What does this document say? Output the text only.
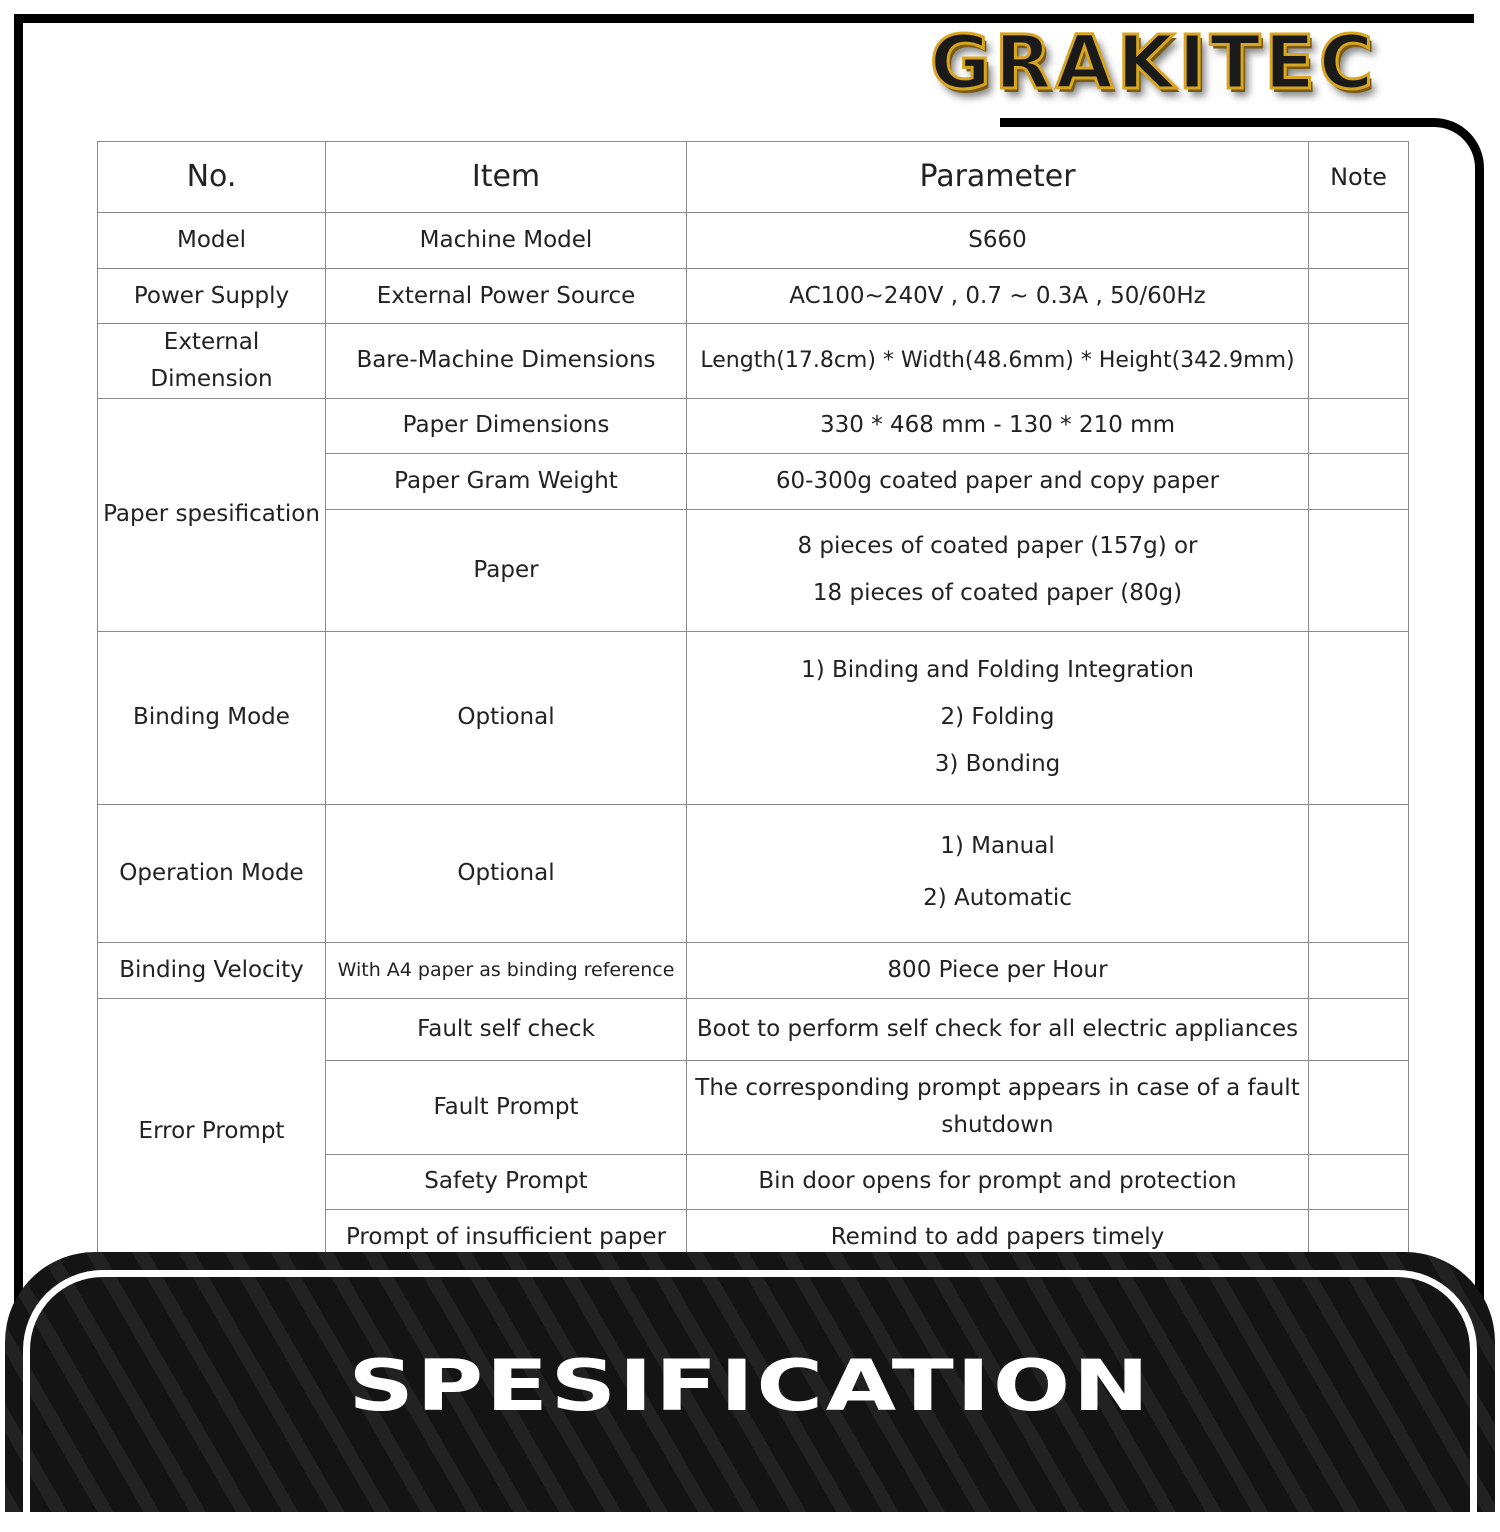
GRAKITEC
No.	Item	Parameter	Note
Model	Machine Model	S660	
Power Supply	External Power Source	AC100~240V , 0.7 ~ 0.3A , 50/60Hz	
External Dimension	Bare-Machine Dimensions	Length(17.8cm) * Width(48.6mm) * Height(342.9mm)	
Paper spesification	Paper Dimensions	330 * 468 mm - 130 * 210 mm	
	Paper Gram Weight	60-300g coated paper and copy paper	
	Paper	8 pieces of coated paper (157g) or
18 pieces of coated paper (80g)	

Binding Mode	Optional	1) Binding and Folding Integration
2) Folding
3) Bonding	

Operation Mode	Optional	1) Manual
2) Automatic	

Binding Velocity	With A4 paper as binding reference	800 Piece per Hour	
Error Prompt	Fault self check	Boot to perform self check for all electric appliances	
	Fault Prompt	The corresponding prompt appears in case of a fault shutdown	
	Safety Prompt	Bin door opens for prompt and protection	
	Prompt of insufficient paper	Remind to add papers timely	
SPESIFICATION
